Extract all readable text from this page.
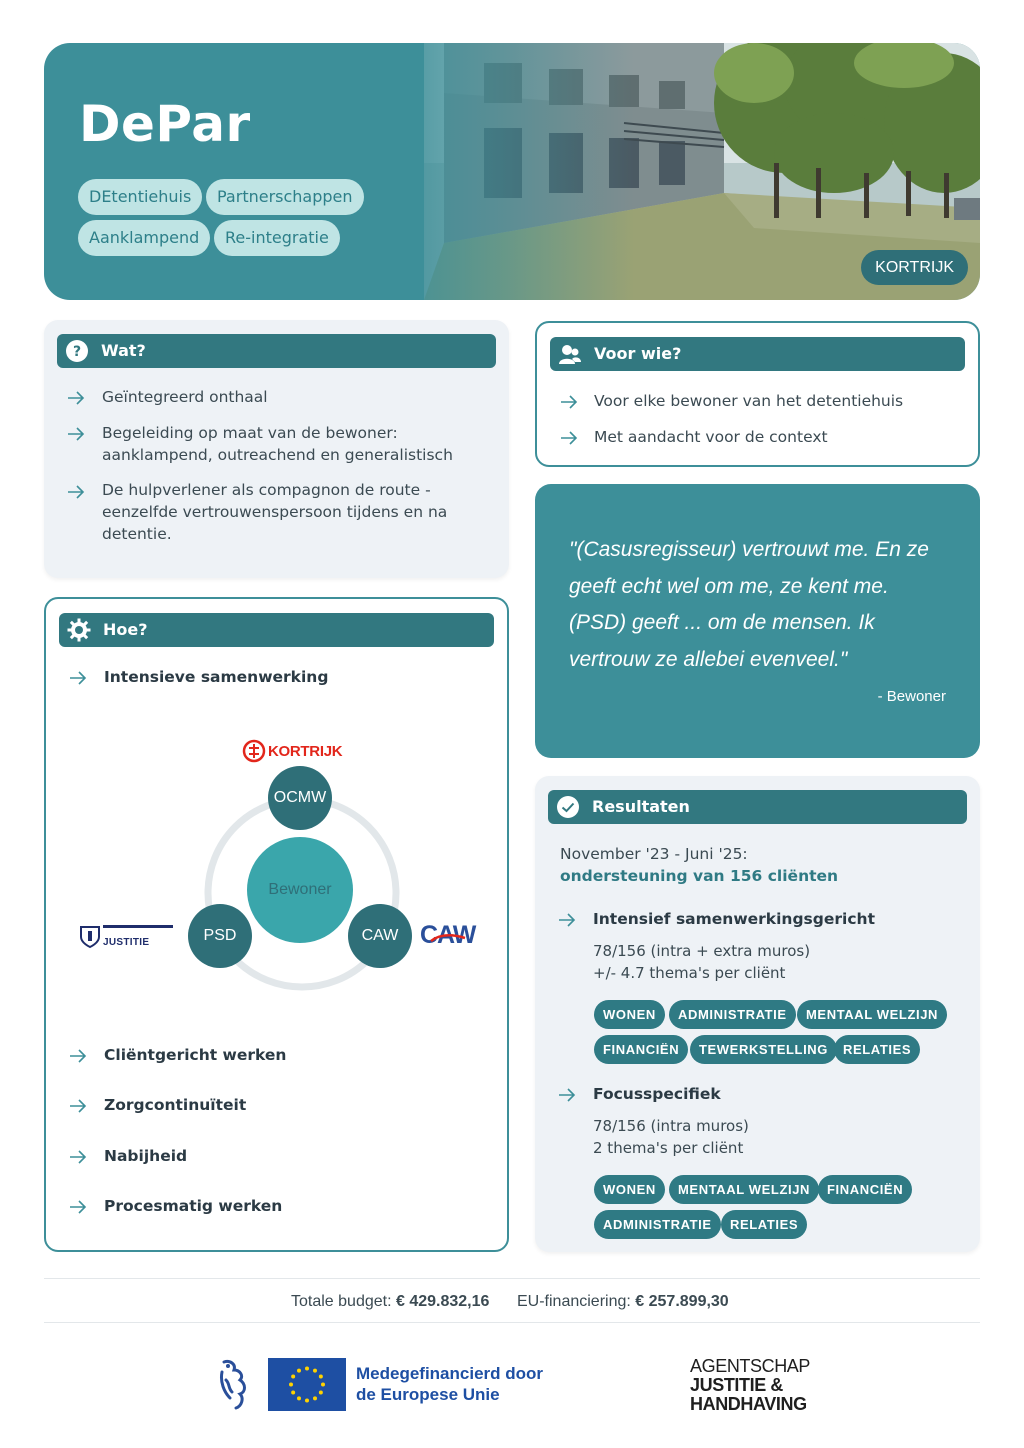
DePar
DEtentiehuis	Partnerschappen
Aanklampend	Re-integratie
KORTRIJK
? Wat?
Geïntegreerd onthaal
Begeleiding op maat van de bewoner:
aanklampend, outreachend en generalistisch
De hulpverlener als compagnon de route -
eenzelfde vertrouwenspersoon tijdens en na
detentie.
Voor wie?
Voor elke bewoner van het detentiehuis
Met aandacht voor de context
"(Casusregisseur) vertrouwt me. En ze geeft echt wel om me, ze kent me. (PSD) geeft ... om de mensen. Ik vertrouw ze allebei evenveel."
- Bewoner
Hoe?
Intensieve samenwerking
KORTRIJK
OCMW
Bewoner
PSD	CAW
JUSTITIE	CAW
Cliëntgericht werken
Zorgcontinuïteit
Nabijheid
Procesmatig werken
Resultaten
November '23 - Juni '25:
ondersteuning van 156 cliënten
Intensief samenwerkingsgericht
78/156 (intra + extra muros)
+/- 4.7 thema's per cliënt
WONEN	ADMINISTRATIE	MENTAAL WELZIJN
FINANCIËN	TEWERKSTELLING	RELATIES
Focusspecifiek
78/156 (intra muros)
2 thema's per cliënt
WONEN	MENTAAL WELZIJN	FINANCIËN
ADMINISTRATIE	RELATIES
Totale budget: € 429.832,16 EU-financiering: € 257.899,30
Medegefinancierd door
de Europese Unie
AGENTSCHAP
JUSTITIE &
HANDHAVING
